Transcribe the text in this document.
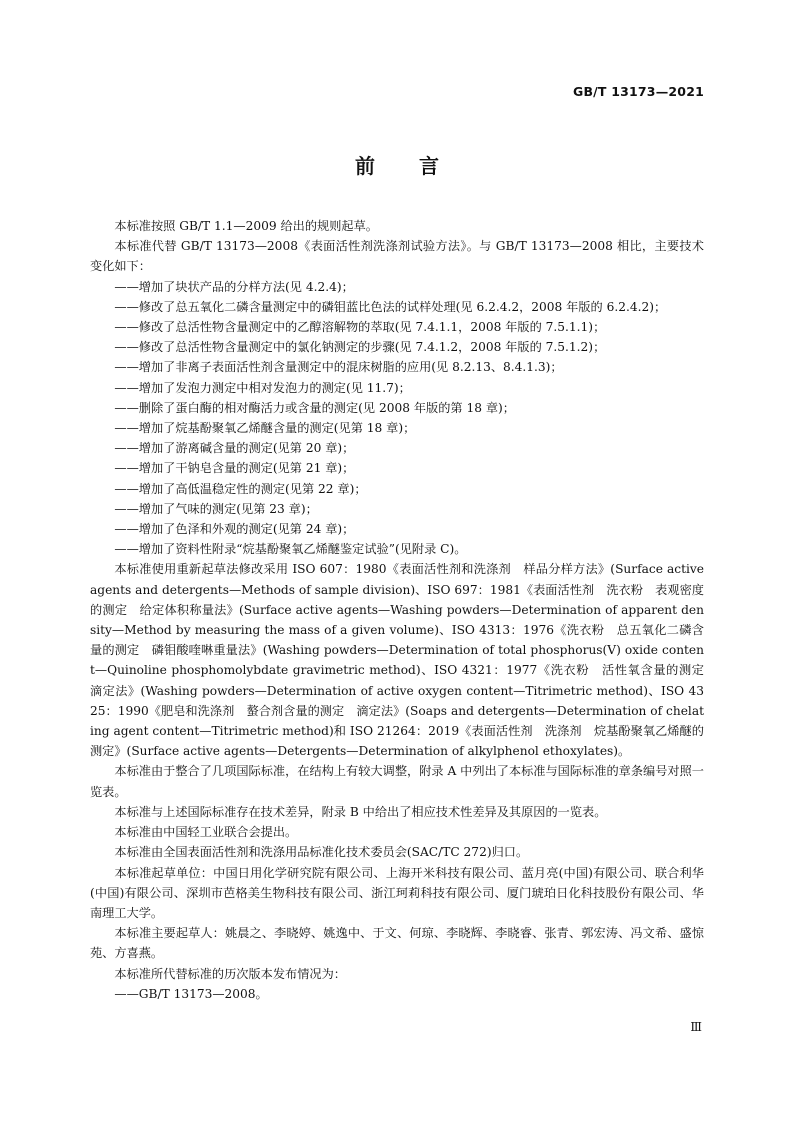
GB/T 13173—2021
前言

本标准按照 GB/T 1.1—2009 给出的规则起草。

本标准代替 GB/T 13173—2008《表面活性剂洗涤剂试验方法》。与 GB/T 13173—2008 相比，主要技术变化如下：

——增加了块状产品的分样方法(见 4.2.4)；

——修改了总五氧化二磷含量测定中的磷钼蓝比色法的试样处理(见 6.2.4.2，2008 年版的 6.2.4.2)；

——修改了总活性物含量测定中的乙醇溶解物的萃取(见 7.4.1.1，2008 年版的 7.5.1.1)；

——修改了总活性物含量测定中的氯化钠测定的步骤(见 7.4.1.2，2008 年版的 7.5.1.2)；

——增加了非离子表面活性剂含量测定中的混床树脂的应用(见 8.2.13、8.4.1.3)；

——增加了发泡力测定中相对发泡力的测定(见 11.7)；

——删除了蛋白酶的相对酶活力或含量的测定(见 2008 年版的第 18 章)；

——增加了烷基酚聚氧乙烯醚含量的测定(见第 18 章)；

——增加了游离碱含量的测定(见第 20 章)；

——增加了干钠皂含量的测定(见第 21 章)；

——增加了高低温稳定性的测定(见第 22 章)；

——增加了气味的测定(见第 23 章)；

——增加了色泽和外观的测定(见第 24 章)；

——增加了资料性附录“烷基酚聚氧乙烯醚鉴定试验”(见附录 C)。

本标准使用重新起草法修改采用 ISO 607：1980《表面活性剂和洗涤剂　样品分样方法》(Surface active agents and detergents—Methods of sample division)、ISO 697：1981《表面活性剂　洗衣粉　表观密度的测定　给定体积称量法》(Surface active agents—Washing powders—Determination of apparent density—Method by measuring the mass of a given volume)、ISO 4313：1976《洗衣粉　总五氧化二磷含量的测定　磷钼酸喹啉重量法》(Washing powders—Determination of total phosphorus(V) oxide content—Quinoline phosphomolybdate gravimetric method)、ISO 4321：1977《洗衣粉　活性氧含量的测定　滴定法》(Washing powders—Determination of active oxygen content—Titrimetric method)、ISO 4325：1990《肥皂和洗涤剂　螯合剂含量的测定　滴定法》(Soaps and detergents—Determination of chelating agent content—Titrimetric method)和 ISO 21264：2019《表面活性剂　洗涤剂　烷基酚聚氧乙烯醚的测定》(Surface active agents—Detergents—Determination of alkylphenol ethoxylates)。

本标准由于整合了几项国际标准，在结构上有较大调整，附录 A 中列出了本标准与国际标准的章条编号对照一览表。

本标准与上述国际标准存在技术差异，附录 B 中给出了相应技术性差异及其原因的一览表。

本标准由中国轻工业联合会提出。

本标准由全国表面活性剂和洗涤用品标准化技术委员会(SAC/TC 272)归口。

本标准起草单位：中国日用化学研究院有限公司、上海开米科技有限公司、蓝月亮(中国)有限公司、联合利华(中国)有限公司、深圳市芭格美生物科技有限公司、浙江珂莉科技有限公司、厦门琥珀日化科技股份有限公司、华南理工大学。

本标准主要起草人：姚晨之、李晓婷、姚逸中、于文、何琼、李晓辉、李晓睿、张青、郭宏涛、冯文希、盛惊苑、方喜燕。

本标准所代替标准的历次版本发布情况为：

——GB/T 13173—2008。

Ⅲ
